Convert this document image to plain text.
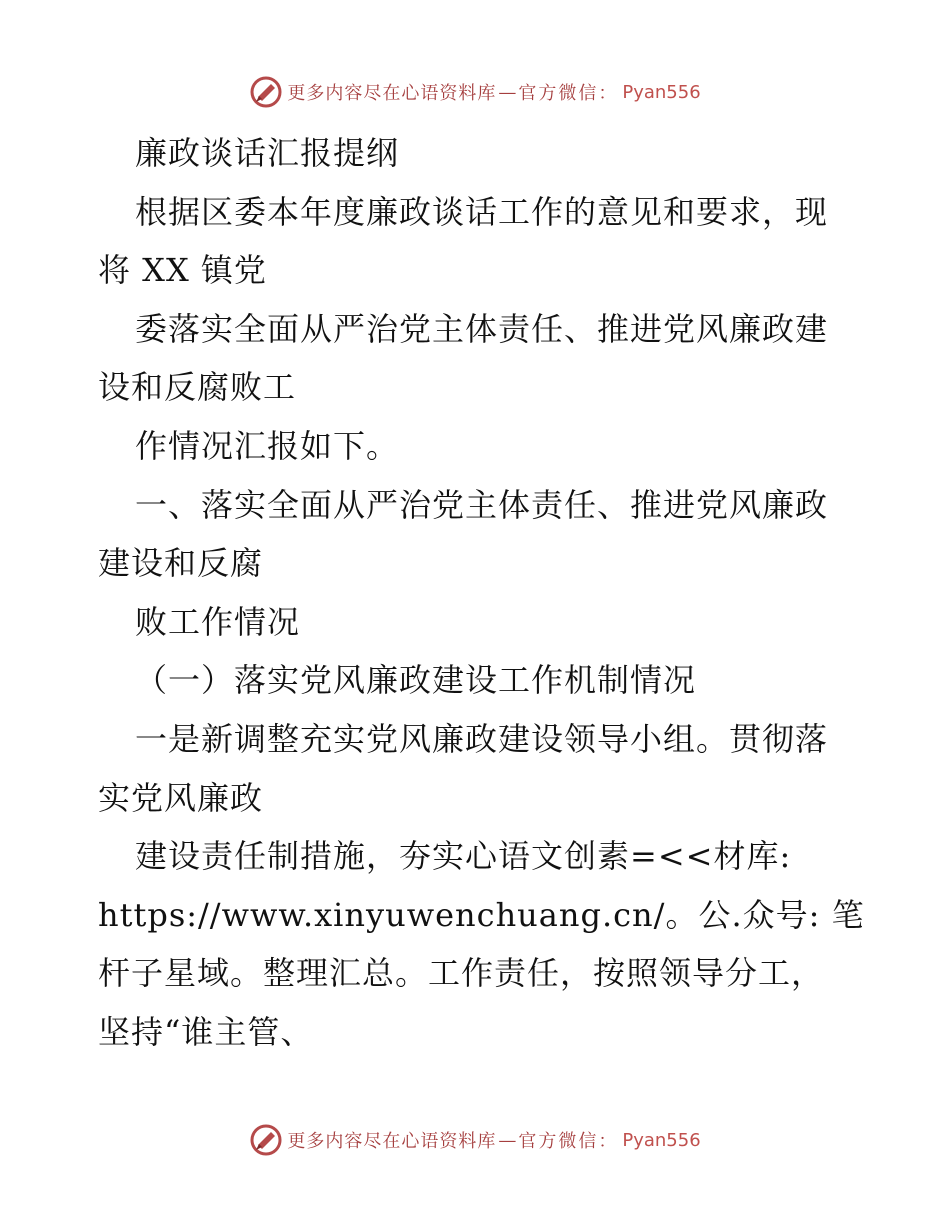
更多内容尽在心语资料库 — 官方微信： Pyan556
廉政谈话汇报提纲
根据区委本年度廉政谈话工作的意见和要求，现
将 XX 镇党
委落实全面从严治党主体责任、推进党风廉政建
设和反腐败工
作情况汇报如下。
一、落实全面从严治党主体责任、推进党风廉政
建设和反腐
败工作情况
（一）落实党风廉政建设工作机制情况
一是新调整充实党风廉政建设领导小组。贯彻落
实党风廉政
建设责任制措施，夯实心语文创素=<<材库:
https://www.xinyuwenchuang.cn/。公.众号: 笔
杆子星域。整理汇总。工作责任，按照领导分工，
坚持“谁主管、
更多内容尽在心语资料库 — 官方微信： Pyan556
